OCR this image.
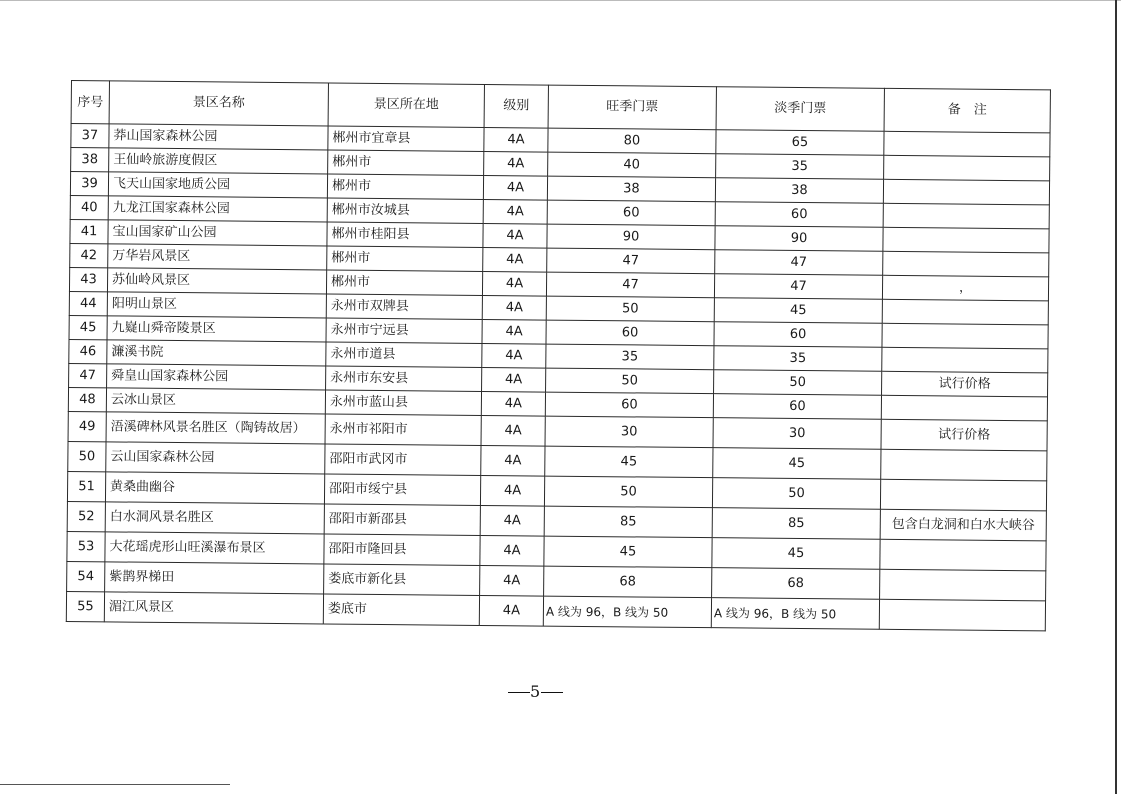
序号	景区名称	景区所在地	级别	旺季门票	淡季门票	备　注
37	莽山国家森林公园	郴州市宜章县	4A	80	65	
38	王仙岭旅游度假区	郴州市	4A	40	35	
39	飞天山国家地质公园	郴州市	4A	38	38	
40	九龙江国家森林公园	郴州市汝城县	4A	60	60	
41	宝山国家矿山公园	郴州市桂阳县	4A	90	90	
42	万华岩风景区	郴州市	4A	47	47	
43	苏仙岭风景区	郴州市	4A	47	47	，
44	阳明山景区	永州市双牌县	4A	50	45	
45	九嶷山舜帝陵景区	永州市宁远县	4A	60	60	
46	濂溪书院	永州市道县	4A	35	35	
47	舜皇山国家森林公园	永州市东安县	4A	50	50	试行价格
48	云冰山景区	永州市蓝山县	4A	60	60	
49	浯溪碑林风景名胜区（陶铸故居）	永州市祁阳市	4A	30	30	试行价格
50	云山国家森林公园	邵阳市武冈市	4A	45	45	
51	黄桑曲幽谷	邵阳市绥宁县	4A	50	50	
52	白水洞风景名胜区	邵阳市新邵县	4A	85	85	包含白龙洞和白水大峡谷
53	大花瑶虎形山旺溪瀑布景区	邵阳市隆回县	4A	45	45	
54	紫鹊界梯田	娄底市新化县	4A	68	68	
55	湄江风景区	娄底市	4A	A 线为 96，B 线为 50	A 线为 96，B 线为 50	
5
